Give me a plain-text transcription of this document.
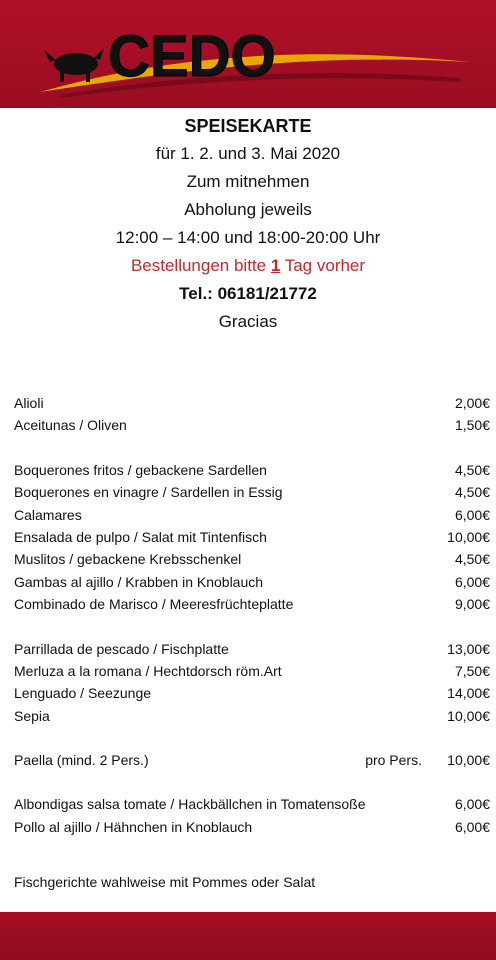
CEDO
SPEISEKARTE
für 1. 2. und 3. Mai 2020
Zum mitnehmen
Abholung jeweils
12:00 – 14:00 und 18:00-20:00 Uhr
Bestellungen bitte 1 Tag vorher
Tel.: 06181/21772
Gracias
Alioli	2,00€
Aceitunas / Oliven	1,50€
Boquerones fritos / gebackene Sardellen	4,50€
Boquerones en vinagre / Sardellen in Essig	4,50€
Calamares	6,00€
Ensalada de pulpo / Salat mit Tintenfisch	10,00€
Muslitos / gebackene Krebsschenkel	4,50€
Gambas al ajillo / Krabben in Knoblauch	6,00€
Combinado de Marisco / Meeresfrüchteplatte	9,00€
Parrillada de pescado / Fischplatte	13,00€
Merluza a la romana / Hechtdorsch röm.Art	7,50€
Lenguado / Seezunge	14,00€
Sepia	10,00€
Paella (mind. 2 Pers.)	pro Pers. 10,00€
Albondigas salsa tomate / Hackbällchen in Tomatensoße	6,00€
Pollo al ajillo / Hähnchen in Knoblauch	6,00€
Fischgerichte wahlweise mit Pommes oder Salat
